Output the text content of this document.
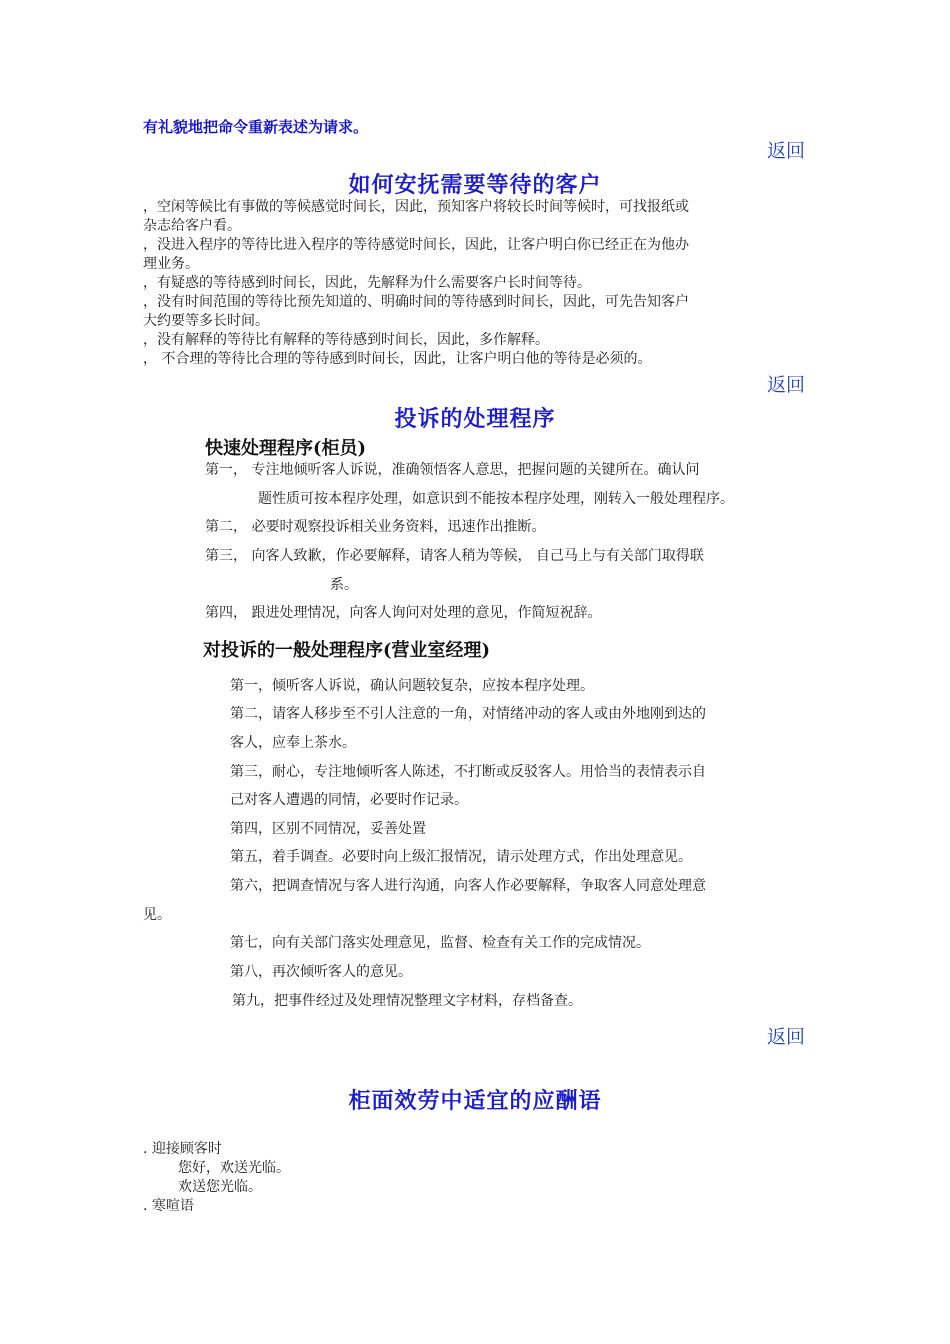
有礼貌地把命令重新表述为请求。
返回
如何安抚需要等待的客户
，空闲等候比有事做的等候感觉时间长，因此，预知客户将较长时间等候时，可找报纸或
杂志给客户看。
，没进入程序的等待比进入程序的等待感觉时间长，因此，让客户明白你已经正在为他办
理业务。
，有疑惑的等待感到时间长，因此，先解释为什么需要客户长时间等待。
，没有时间范围的等待比预先知道的、明确时间的等待感到时间长，因此，可先告知客户
大约要等多长时间。
，没有解释的等待比有解释的等待感到时间长，因此，多作解释。
， 不合理的等待比合理的等待感到时间长，因此，让客户明白他的等待是必须的。
返回
投诉的处理程序
快速处理程序(柜员)
第一， 专注地倾听客人诉说，准确领悟客人意思，把握问题的关键所在。确认问
题性质可按本程序处理，如意识到不能按本程序处理，刚转入一般处理程序。
第二， 必要时观察投诉相关业务资料，迅速作出推断。
第三， 向客人致歉，作必要解释，请客人稍为等候， 自己马上与有关部门取得联
系。
第四， 跟进处理情况，向客人询问对处理的意见，作简短祝辞。
对投诉的一般处理程序(营业室经理)
第一，倾听客人诉说，确认问题较复杂，应按本程序处理。
第二，请客人移步至不引人注意的一角，对情绪冲动的客人或由外地刚到达的
客人，应奉上茶水。
第三，耐心，专注地倾听客人陈述，不打断或反驳客人。用恰当的表情表示自
己对客人遭遇的同情，必要时作记录。
第四，区别不同情况，妥善处置
第五，着手调查。必要时向上级汇报情况，请示处理方式，作出处理意见。
第六，把调查情况与客人进行沟通，向客人作必要解释，争取客人同意处理意
见。
第七，向有关部门落实处理意见，监督、检查有关工作的完成情况。
第八，再次倾听客人的意见。
第九，把事件经过及处理情况整理文字材料，存档备查。
返回
柜面效劳中适宜的应酬语
. 迎接顾客时
您好，欢送光临。
欢送您光临。
. 寒喧语
